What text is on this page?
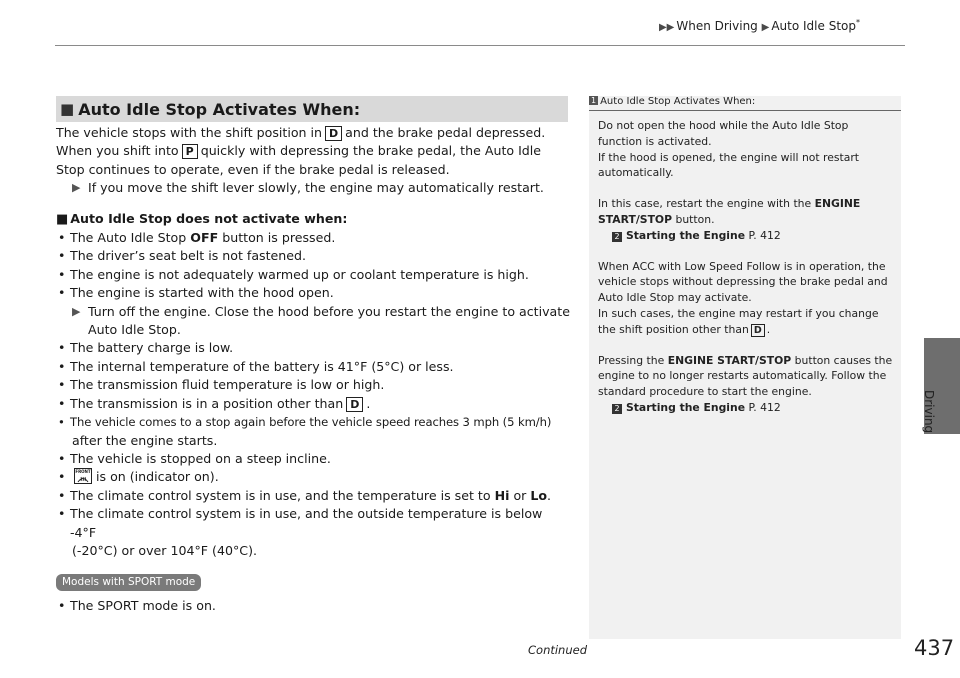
▶▶ When Driving ▶ Auto Idle Stop*
Driving
■ Auto Idle Stop Activates When:

The vehicle stops with the shift position in D and the brake pedal depressed.

When you shift into P quickly with depressing the brake pedal, the Auto Idle Stop continues to operate, even if the brake pedal is released.

▶ If you move the shift lever slowly, the engine may automatically restart.

■ Auto Idle Stop does not activate when:

• The Auto Idle Stop OFF button is pressed.
• The driver’s seat belt is not fastened.
• The engine is not adequately warmed up or coolant temperature is high.
• The engine is started with the hood open.
▶ Turn off the engine. Close the hood before you restart the engine to activate Auto Idle Stop.
• The battery charge is low.
• The internal temperature of the battery is 41°F (5°C) or less.
• The transmission fluid temperature is low or high.
• The transmission is in a position other than D .
• The vehicle comes to a stop again before the vehicle speed reaches 3 mph (5 km/h)
after the engine starts.
• The vehicle is stopped on a steep incline.
•	FRONT is on (indicator on).
• The climate control system is in use, and the temperature is set to Hi or Lo.
• The climate control system is in use, and the outside temperature is below -4°F
(-20°C) or over 104°F (40°C).
Models with SPORT mode
• The SPORT mode is on.
1 Auto Idle Stop Activates When:

Do not open the hood while the Auto Idle Stop function is activated.

If the hood is opened, the engine will not restart automatically.

In this case, restart the engine with the ENGINE START/STOP button.

2 Starting the Engine P. 412

When ACC with Low Speed Follow is in operation, the vehicle stops without depressing the brake pedal and Auto Idle Stop may activate.

In such cases, the engine may restart if you change the shift position other than D .

Pressing the ENGINE START/STOP button causes the engine to no longer restarts automatically. Follow the standard procedure to start the engine.

2 Starting the Engine P. 412

Continued	437
